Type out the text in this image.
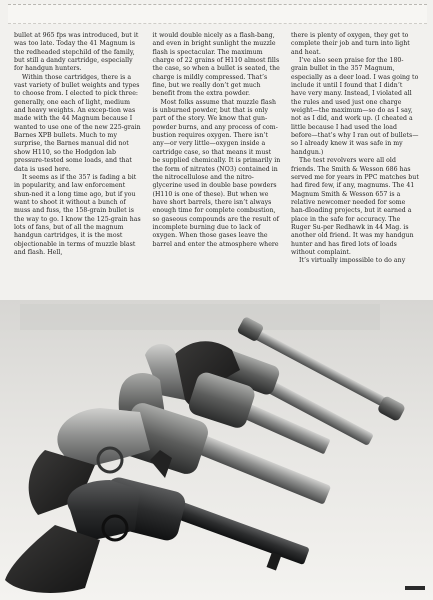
bullet at 965 fps was introduced, but it was too late. Today the 41 Magnum is the redheaded stepchild of the family, but still a dandy cartridge, especially for handgun hunters.

Within those cartridges, there is a vast variety of bullet weights and types to choose from. I elected to pick three: generally, one each of light, medium and heavy weights. An excep-tion was made with the 44 Magnum because I wanted to use one of the new 225-grain Barnes XPB bullets. Much to my surprise, the Barnes manual did not show H110, so the Hodgdon lab pressure-tested some loads, and that data is used here.

It seems as if the 357 is fading a bit in popularity, and law enforcement shun-ned it a long time ago, but if you want to shoot it without a bunch of muss and fuss, the 158-grain bullet is the way to go. I know the 125-grain has lots of fans, but of all the magnum handgun cartridges, it is the most objectionable in terms of muzzle blast and flash. Hell,

it would double nicely as a flash-bang, and even in bright sunlight the muzzle flash is spectacular. The maximum charge of 22 grains of H110 almost fills the case, so when a bullet is seated, the charge is mildly compressed. That’s fine, but we really don’t get much benefit from the extra powder.

Most folks assume that muzzle flash is unburned powder, but that is only part of the story. We know that gun-powder burns, and any process of com-bustion requires oxygen. There isn’t any—or very little—oxygen inside a cartridge case, so that means it must be supplied chemically. It is primarily in the form of nitrates (NO3) contained in the nitrocellulose and the nitro-glycerine used in double base powders (H110 is one of these). But when we have short barrels, there isn’t always enough time for complete combustion, so gaseous compounds are the result of incomplete burning due to lack of oxygen. When those gases leave the barrel and enter the atmosphere where

there is plenty of oxygen, they get to complete their job and turn into light and heat.

I’ve also seen praise for the 180-grain bullet in the 357 Magnum, especially as a deer load. I was going to include it until I found that I didn’t have very many. Instead, I violated all the rules and used just one charge weight—the maximum—so do as I say, not as I did, and work up. (I cheated a little because I had used the load before—that’s why I ran out of bullets—so I already knew it was safe in my handgun.)

The test revolvers were all old friends. The Smith & Wesson 686 has served me for years in PPC matches but had fired few, if any, magnums. The 41 Magnum Smith & Wesson 657 is a relative newcomer needed for some han-dloading projects, but it earned a place in the safe for accuracy. The Ruger Su-per Redhawk in 44 Mag. is another old friend. It was my handgun hunter and has fired lots of loads without complaint.

It’s virtually impossible to do any
